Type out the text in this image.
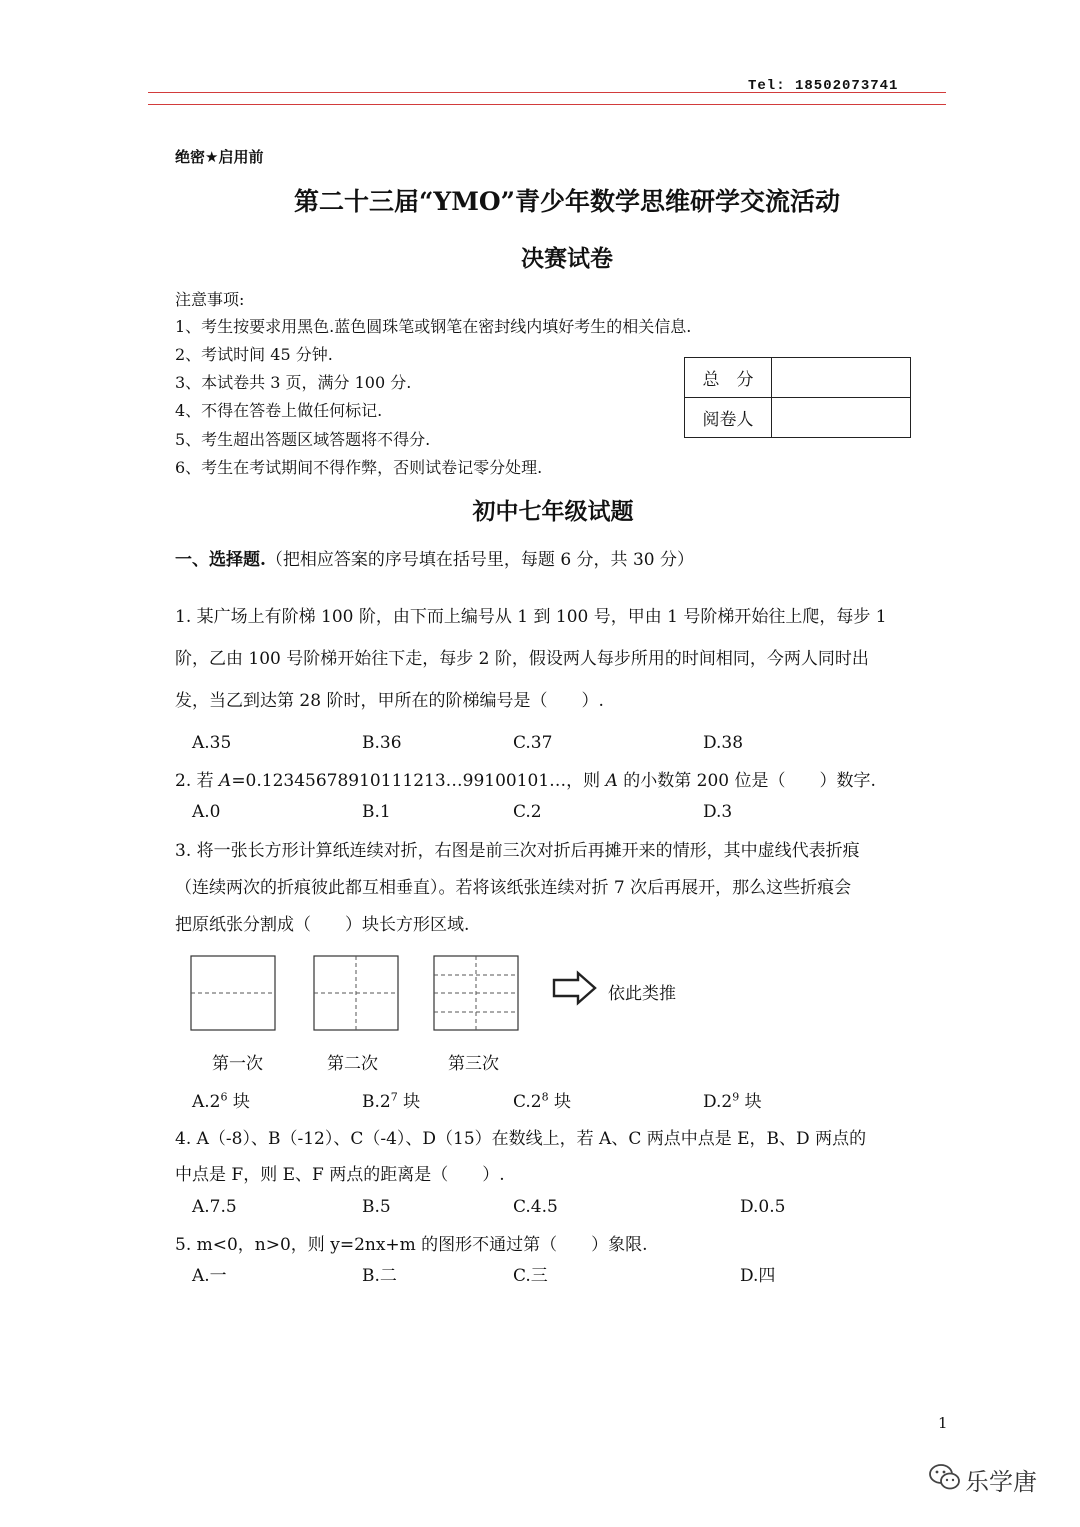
Tel: 18502073741
绝密★启用前
第二十三届“YMO”青少年数学思维研学交流活动
决赛试卷
注意事项:
1、考生按要求用黑色.蓝色圆珠笔或钢笔在密封线内填好考生的相关信息.
2、考试时间 45 分钟.
3、本试卷共 3 页，满分 100 分.
4、不得在答卷上做任何标记.
5、考生超出答题区域答题将不得分.
6、考生在考试期间不得作弊，否则试卷记零分处理.
总　分	
阅卷人	
初中七年级试题
一、选择题.（把相应答案的序号填在括号里，每题 6 分，共 30 分）
1. 某广场上有阶梯 100 阶，由下而上编号从 1 到 100 号，甲由 1 号阶梯开始往上爬，每步 1
阶，乙由 100 号阶梯开始往下走，每步 2 阶，假设两人每步所用的时间相同，今两人同时出
发，当乙到达第 28 阶时，甲所在的阶梯编号是（　　）.
A.35	B.36	C.37	D.38
2. 若 A=0.12345678910111213…99100101…，则 A 的小数第 200 位是（　　）数字.
A.0	B.1	C.2	D.3
3. 将一张长方形计算纸连续对折，右图是前三次对折后再摊开来的情形，其中虚线代表折痕
（连续两次的折痕彼此都互相垂直）。若将该纸张连续对折 7 次后再展开，那么这些折痕会
把原纸张分割成（　　）块长方形区域.
依此类推
第一次	第二次	第三次
$A.2^6$ 块	$B.2^7$ 块	$C.2^8$ 块	$D.2^9$ 块
4. A（-8）、B（-12）、C（-4）、D（15）在数线上，若 A、C 两点中点是 E，B、D 两点的
中点是 F，则 E、F 两点的距离是（　　）.
A.7.5	B.5	C.4.5	D.0.5
5. m<0，n>0，则 y=2nx+m 的图形不通过第（　　）象限.
A.一	B.二	C.三	D.四
1
乐学唐
